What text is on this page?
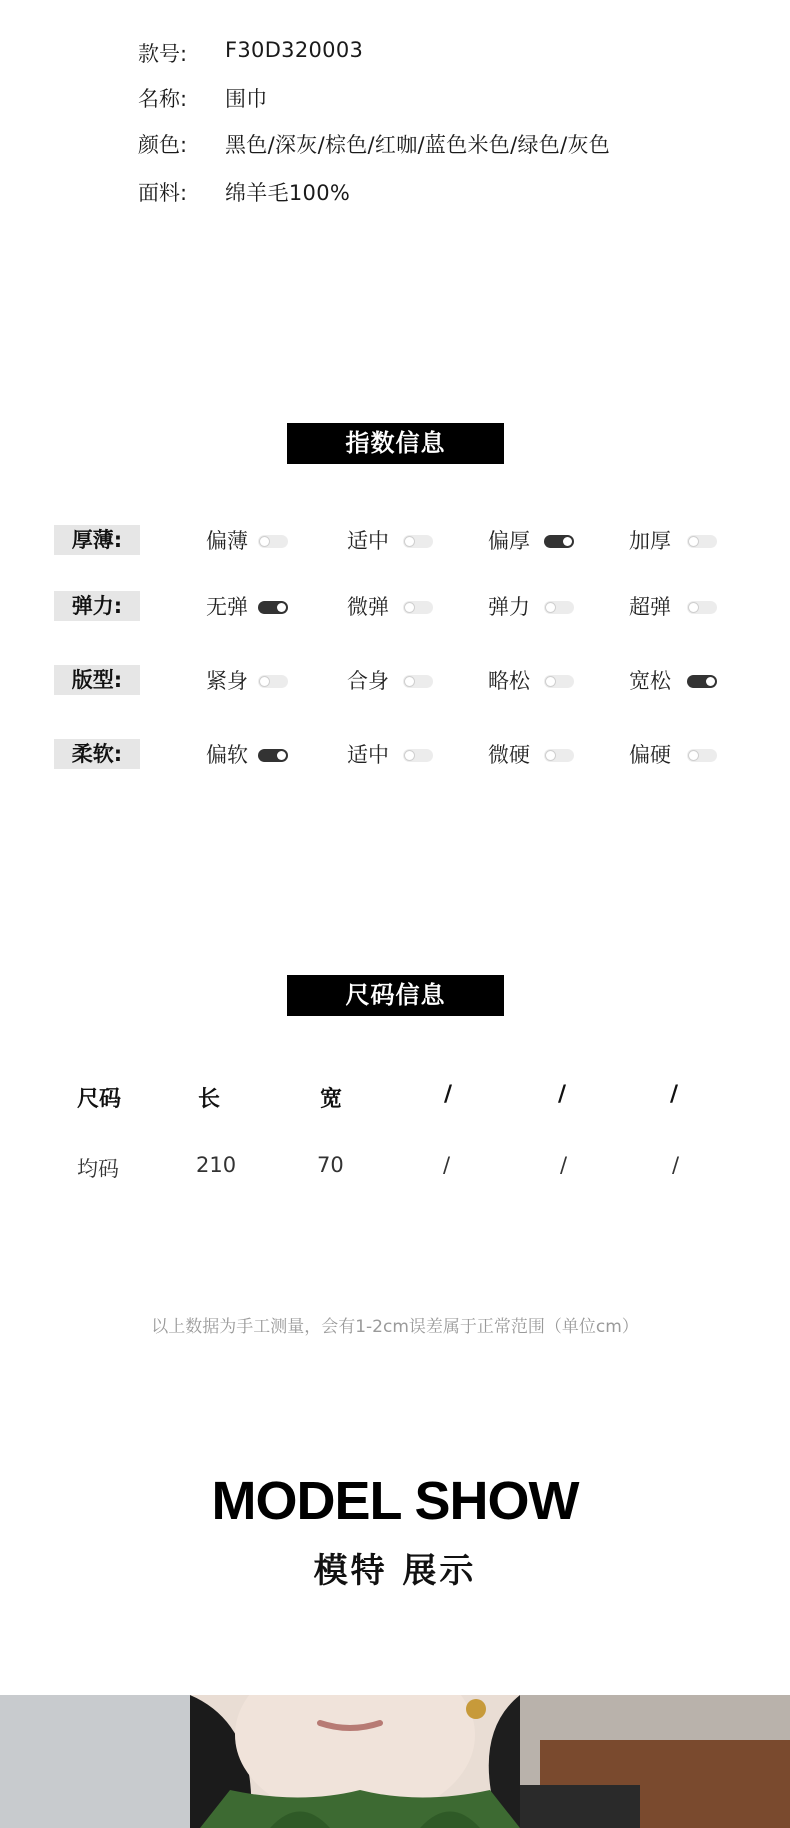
款号:	F30D320003
名称:	围巾
颜色:	黑色/深灰/棕色/红咖/蓝色米色/绿色/灰色
面料:	绵羊毛100%
指数信息
厚薄:	偏薄	适中	偏厚	加厚
弹力:	无弹	微弹	弹力	超弹
版型:	紧身	合身	略松	宽松
柔软:	偏软	适中	微硬	偏硬
尺码信息
尺码	长	宽	/	/	/
均码	210	70	/	/	/
以上数据为手工测量，会有1-2cm误差属于正常范围（单位cm）
MODEL SHOW
模特 展示
